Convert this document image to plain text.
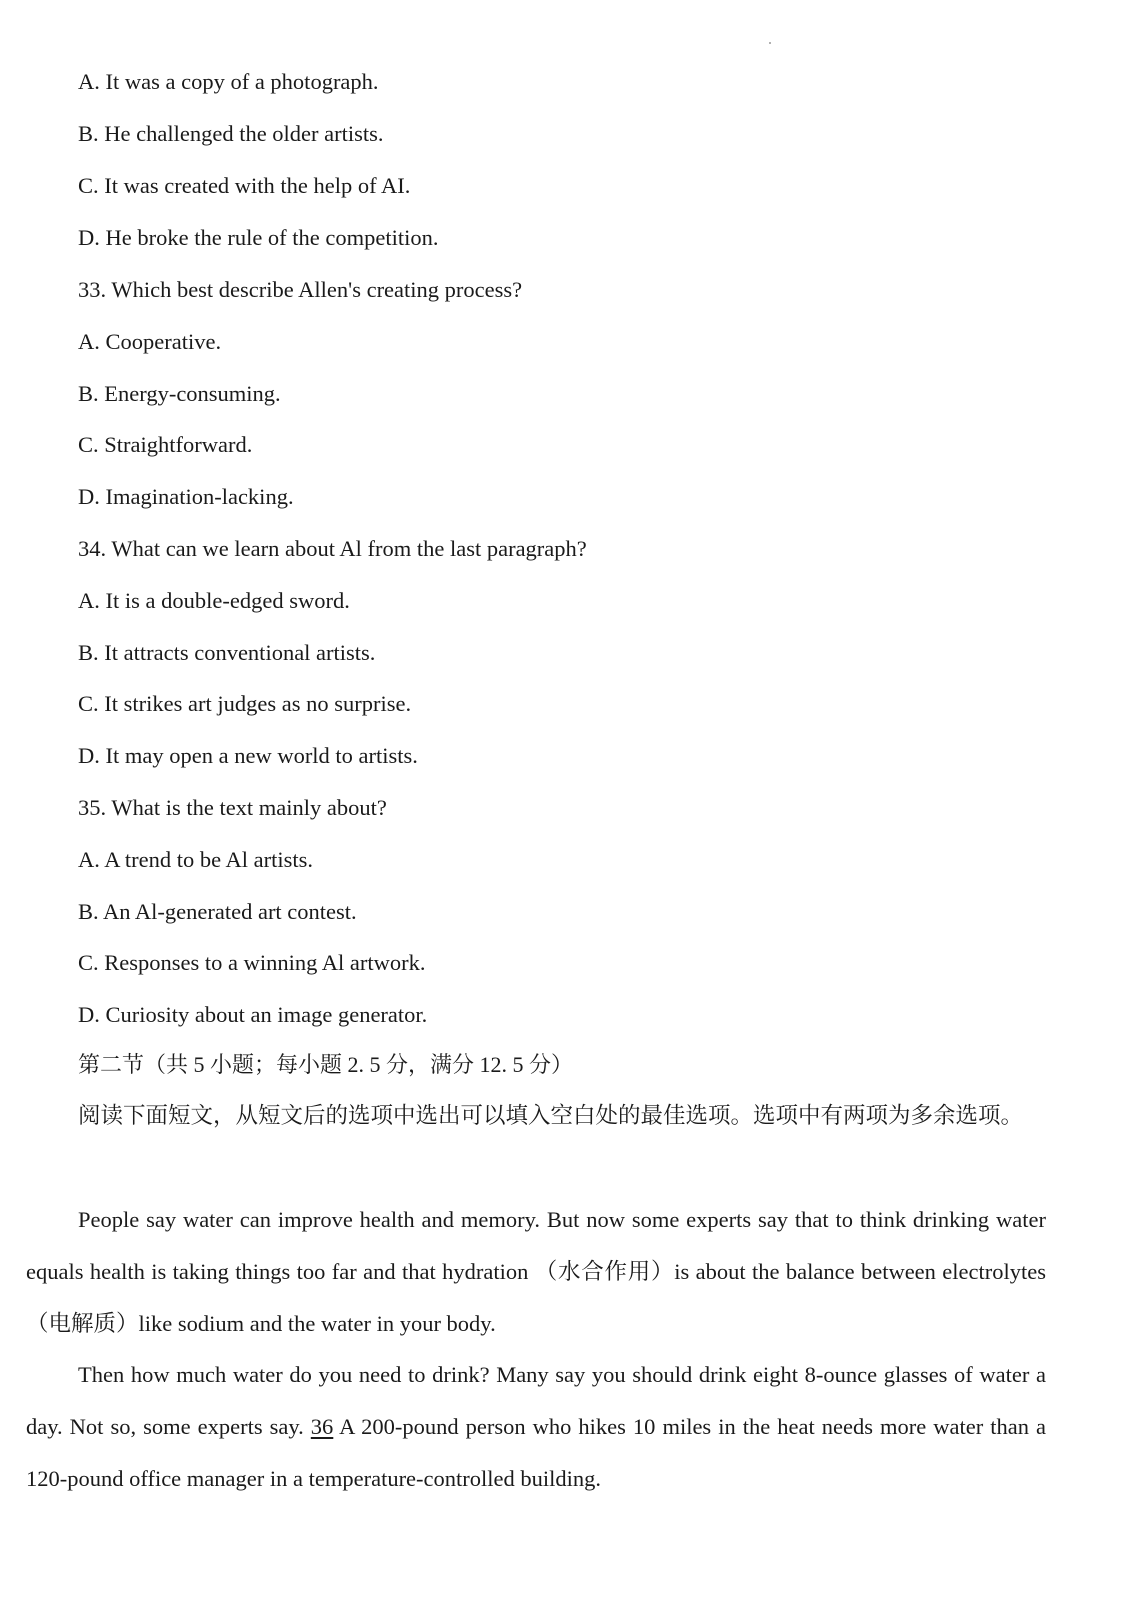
A. It was a copy of a photograph.
B. He challenged the older artists.
C. It was created with the help of AI.
D. He broke the rule of the competition.
33. Which best describe Allen's creating process?
A. Cooperative.
B. Energy-consuming.
C. Straightforward.
D. Imagination-lacking.
34. What can we learn about Al from the last paragraph?
A. It is a double-edged sword.
B. It attracts conventional artists.
C. It strikes art judges as no surprise.
D. It may open a new world to artists.
35. What is the text mainly about?
A. A trend to be Al artists.
B. An Al-generated art contest.
C. Responses to a winning Al artwork.
D. Curiosity about an image generator.
第二节（共 5 小题；每小题 2. 5 分，满分 12. 5 分）
阅读下面短文，从短文后的选项中选出可以填入空白处的最佳选项。选项中有两项为多余选项。
People say water can improve health and memory. But now some experts say that to think drinking water equals health is taking things too far and that hydration （水合作用）is about the balance between electrolytes （电解质）like sodium and the water in your body.
Then how much water do you need to drink? Many say you should drink eight 8-ounce glasses of water a day. Not so, some experts say. 36 A 200-pound person who hikes 10 miles in the heat needs more water than a 120-pound office manager in a temperature-controlled building.
